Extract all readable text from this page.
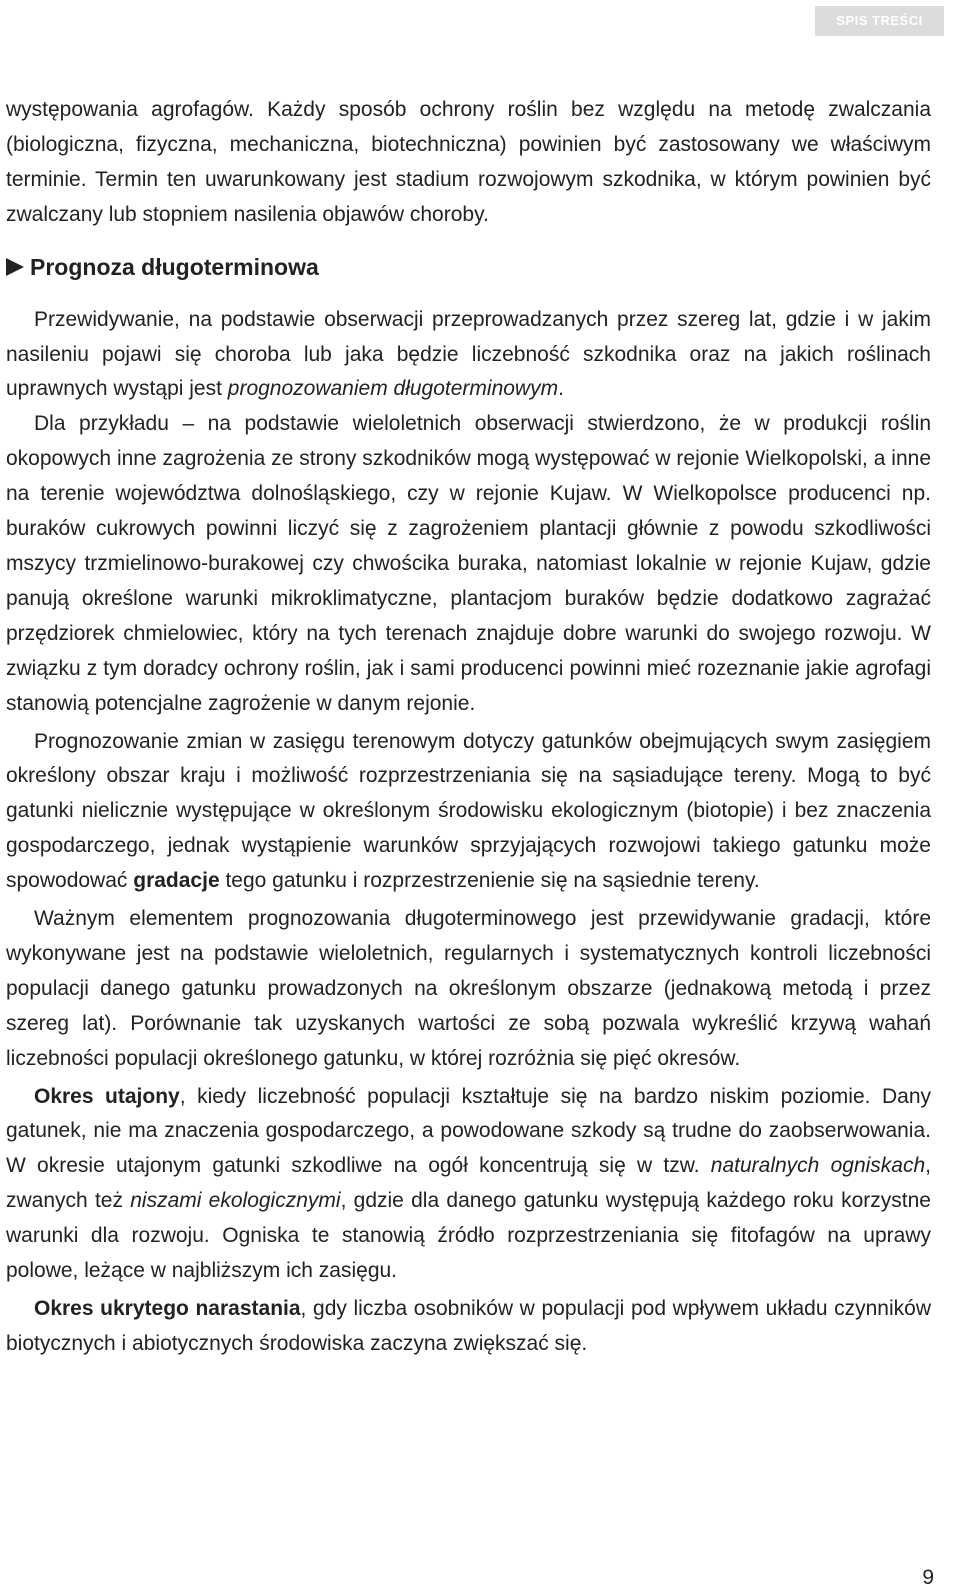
SPIS TREŚCI

występowania agrofagów. Każdy sposób ochrony roślin bez względu na metodę zwalczania (biologiczna, fizyczna, mechaniczna, biotechniczna) powinien być zastosowany we właściwym terminie. Termin ten uwarunkowany jest stadium rozwojowym szkodnika, w którym powinien być zwalczany lub stopniem nasilenia objawów choroby.

Prognoza długoterminowa

Przewidywanie, na podstawie obserwacji przeprowadzanych przez szereg lat, gdzie i w jakim nasileniu pojawi się choroba lub jaka będzie liczebność szkodnika oraz na jakich roślinach uprawnych wystąpi jest prognozowaniem długoterminowym.

Dla przykładu – na podstawie wieloletnich obserwacji stwierdzono, że w produkcji roślin okopowych inne zagrożenia ze strony szkodników mogą występować w rejonie Wielkopolski, a inne na terenie województwa dolnośląskiego, czy w rejonie Kujaw. W Wielkopolsce producenci np. buraków cukrowych powinni liczyć się z zagrożeniem plantacji głównie z powodu szkodliwości mszycy trzmielinowo-burakowej czy chwościka buraka, natomiast lokalnie w rejonie Kujaw, gdzie panują określone warunki mikroklimatyczne, plantacjom buraków będzie dodatkowo zagrażać przędziorek chmielowiec, który na tych terenach znajduje dobre warunki do swojego rozwoju. W związku z tym doradcy ochrony roślin, jak i sami producenci powinni mieć rozeznanie jakie agrofagi stanowią potencjalne zagrożenie w danym rejonie.

Prognozowanie zmian w zasięgu terenowym dotyczy gatunków obejmujących swym zasięgiem określony obszar kraju i możliwość rozprzestrzeniania się na sąsiadujące tereny. Mogą to być gatunki nielicznie występujące w określonym środowisku ekologicznym (biotopie) i bez znaczenia gospodarczego, jednak wystąpienie warunków sprzyjających rozwojowi takiego gatunku może spowodować gradacje tego gatunku i rozprzestrzenienie się na sąsiednie tereny.

Ważnym elementem prognozowania długoterminowego jest przewidywanie gradacji, które wykonywane jest na podstawie wieloletnich, regularnych i systematycznych kontroli liczebności populacji danego gatunku prowadzonych na określonym obszarze (jednakową metodą i przez szereg lat). Porównanie tak uzyskanych wartości ze sobą pozwala wykreślić krzywą wahań liczebności populacji określonego gatunku, w której rozróżnia się pięć okresów.

Okres utajony, kiedy liczebność populacji kształtuje się na bardzo niskim poziomie. Dany gatunek, nie ma znaczenia gospodarczego, a powodowane szkody są trudne do zaobserwowania. W okresie utajonym gatunki szkodliwe na ogół koncentrują się w tzw. naturalnych ogniskach, zwanych też niszami ekologicznymi, gdzie dla danego gatunku występują każdego roku korzystne warunki dla rozwoju. Ogniska te stanowią źródło rozprzestrzeniania się fitofagów na uprawy polowe, leżące w najbliższym ich zasięgu.

Okres ukrytego narastania, gdy liczba osobników w populacji pod wpływem układu czynników biotycznych i abiotycznych środowiska zaczyna zwiększać się.

9
